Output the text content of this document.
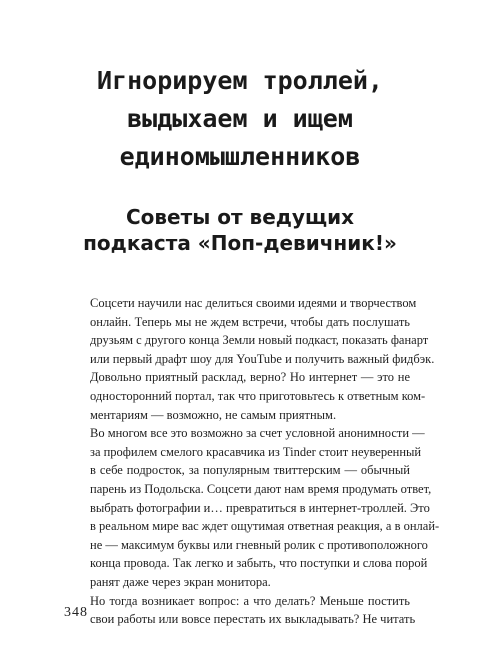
Игнорируем троллей,
выдыхаем и ищем
единомышленников
Советы от ведущих
подкаста «Поп-девичник!»

Соцсети научили нас делиться своими идеями и творчеством
онлайн. Теперь мы не ждем встречи, чтобы дать послушать
друзьям с другого конца Земли новый подкаст, показать фанарт
или первый драфт шоу для YouTube и получить важный фидбэк.
Довольно приятный расклад, верно? Но интернет — это не
односторонний портал, так что приготовьтесь к ответным ком-
ментариям — возможно, не самым приятным.

Во многом все это возможно за счет условной анонимности —
за профилем смелого красавчика из Tinder стоит неуверенный
в себе подросток, за популярным твиттерским — обычный
парень из Подольска. Соцсети дают нам время продумать ответ,
выбрать фотографии и… превратиться в интернет-троллей. Это
в реальном мире вас ждет ощутимая ответная реакция, а в онлай-
не — максимум буквы или гневный ролик с противоположного
конца провода. Так легко и забыть, что поступки и слова порой
ранят даже через экран монитора.

Но тогда возникает вопрос: а что делать? Меньше постить
свои работы или вовсе перестать их выкладывать? Не читать

348
